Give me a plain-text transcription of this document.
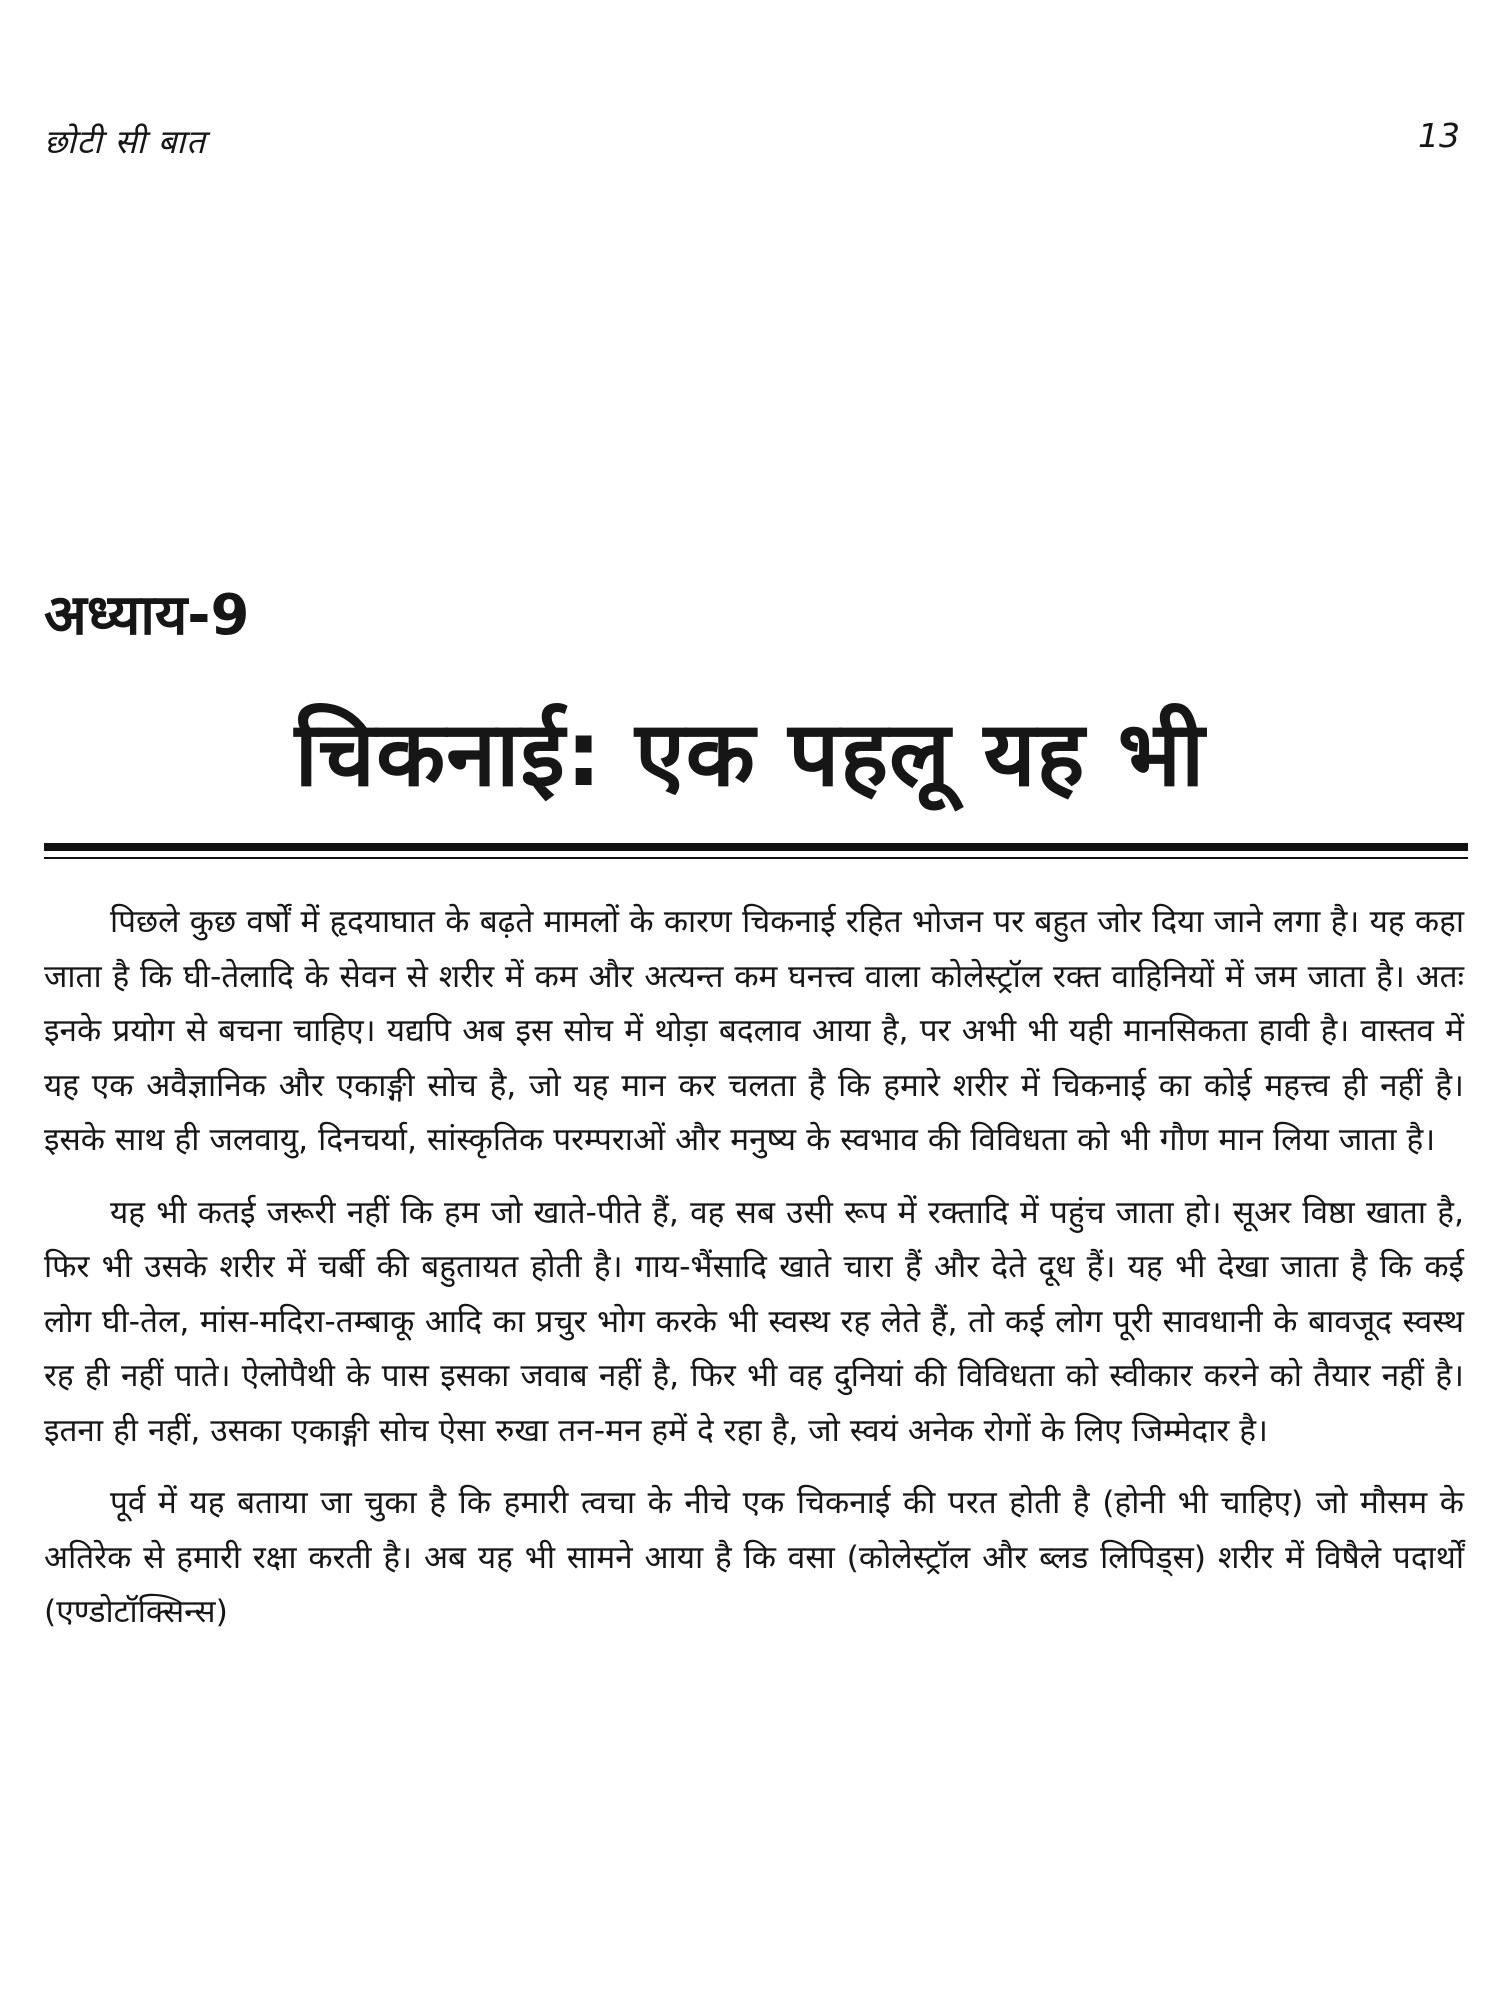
छोटी सी बात	13
अध्याय-9
चिकनाई: एक पहलू यह भी

पिछले कुछ वर्षों में हृदयाघात के बढ़ते मामलों के कारण चिकनाई रहित भोजन पर बहुत जोर दिया जाने लगा है। यह कहा जाता है कि घी-तेलादि के सेवन से शरीर में कम और अत्यन्त कम घनत्त्व वाला कोलेस्ट्रॉल रक्त वाहिनियों में जम जाता है। अतः इनके प्रयोग से बचना चाहिए। यद्यपि अब इस सोच में थोड़ा बदलाव आया है, पर अभी भी यही मानसिकता हावी है। वास्तव में यह एक अवैज्ञानिक और एकाङ्गी सोच है, जो यह मान कर चलता है कि हमारे शरीर में चिकनाई का कोई महत्त्व ही नहीं है। इसके साथ ही जलवायु, दिनचर्या, सांस्कृतिक परम्पराओं और मनुष्य के स्वभाव की विविधता को भी गौण मान लिया जाता है।

यह भी कतई जरूरी नहीं कि हम जो खाते-पीते हैं, वह सब उसी रूप में रक्तादि में पहुंच जाता हो। सूअर विष्ठा खाता है, फिर भी उसके शरीर में चर्बी की बहुतायत होती है। गाय-भैंसादि खाते चारा हैं और देते दूध हैं। यह भी देखा जाता है कि कई लोग घी-तेल, मांस-मदिरा-तम्बाकू आदि का प्रचुर भोग करके भी स्वस्थ रह लेते हैं, तो कई लोग पूरी सावधानी के बावजूद स्वस्थ रह ही नहीं पाते। ऐलोपैथी के पास इसका जवाब नहीं है, फिर भी वह दुनियां की विविधता को स्वीकार करने को तैयार नहीं है। इतना ही नहीं, उसका एकाङ्गी सोच ऐसा रुखा तन-मन हमें दे रहा है, जो स्वयं अनेक रोगों के लिए जिम्मेदार है।

पूर्व में यह बताया जा चुका है कि हमारी त्वचा के नीचे एक चिकनाई की परत होती है (होनी भी चाहिए) जो मौसम के अतिरेक से हमारी रक्षा करती है। अब यह भी सामने आया है कि वसा (कोलेस्ट्रॉल और ब्लड लिपिड्स) शरीर में विषैले पदार्थों (एण्डोटॉक्सिन्स)
